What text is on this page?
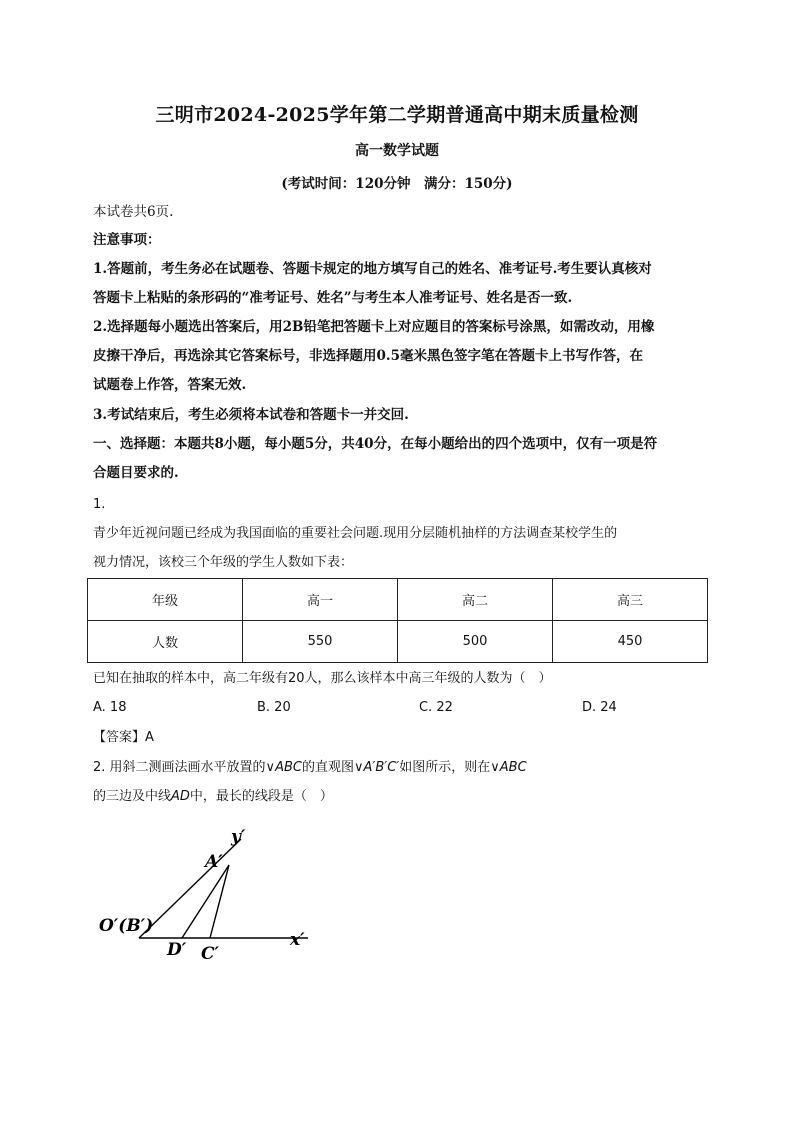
三明市2024-2025学年第二学期普通高中期末质量检测
高一数学试题
(考试时间：120分钟　满分：150分)
本试卷共6页.
注意事项：
1.答题前，考生务必在试题卷、答题卡规定的地方填写自己的姓名、准考证号.考生要认真核对
答题卡上粘贴的条形码的“准考证号、姓名”与考生本人准考证号、姓名是否一致.
2.选择题每小题选出答案后，用2B铅笔把答题卡上对应题目的答案标号涂黑，如需改动，用橡
皮擦干净后，再选涂其它答案标号，非选择题用0.5毫米黑色签字笔在答题卡上书写作答，在
试题卷上作答，答案无效.
3.考试结束后，考生必须将本试卷和答题卡一并交回.
一、选择题：本题共8小题，每小题5分，共40分，在每小题给出的四个选项中，仅有一项是符
合题目要求的.
1.
青少年近视问题已经成为我国面临的重要社会问题.现用分层随机抽样的方法调查某校学生的
视力情况，该校三个年级的学生人数如下表：
年级	高一	高二	高三
人数	550	500	450
已知在抽取的样本中，高二年级有20人，那么该样本中高三年级的人数为（　）
A. 18	B. 20	C. 22	D. 24
【答案】A
2. 用斜二测画法画水平放置的∨ABC的直观图∨A′B′C′如图所示，则在∨ABC
的三边及中线AD中，最长的线段是（　）
y′
A′
O′(B′)
D′ C′
x′
